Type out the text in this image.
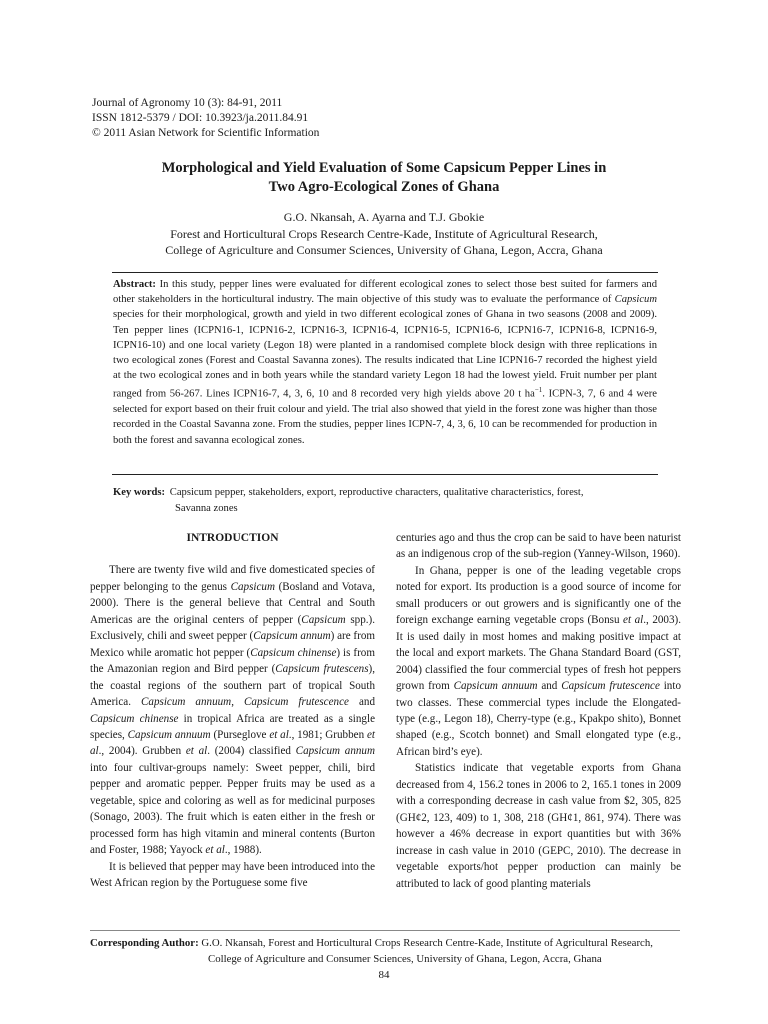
Journal of Agronomy 10 (3): 84-91, 2011
ISSN 1812-5379 / DOI: 10.3923/ja.2011.84.91
© 2011 Asian Network for Scientific Information
Morphological and Yield Evaluation of Some Capsicum Pepper Lines in
Two Agro-Ecological Zones of Ghana
G.O. Nkansah, A. Ayarna and T.J. Gbokie
Forest and Horticultural Crops Research Centre-Kade, Institute of Agricultural Research,
College of Agriculture and Consumer Sciences, University of Ghana, Legon, Accra, Ghana

Abstract: In this study, pepper lines were evaluated for different ecological zones to select those best suited for farmers and other stakeholders in the horticultural industry. The main objective of this study was to evaluate the performance of Capsicum species for their morphological, growth and yield in two different ecological zones of Ghana in two seasons (2008 and 2009). Ten pepper lines (ICPN16-1, ICPN16-2, ICPN16-3, ICPN16-4, ICPN16-5, ICPN16-6, ICPN16-7, ICPN16-8, ICPN16-9, ICPN16-10) and one local variety (Legon 18) were planted in a randomised complete block design with three replications in two ecological zones (Forest and Coastal Savanna zones). The results indicated that Line ICPN16-7 recorded the highest yield at the two ecological zones and in both years while the standard variety Legon 18 had the lowest yield. Fruit number per plant ranged from 56-267. Lines ICPN16-7, 4, 3, 6, 10 and 8 recorded very high yields above 20 t $ha^{-1}$. ICPN-3, 7, 6 and 4 were selected for export based on their fruit colour and yield. The trial also showed that yield in the forest zone was higher than those recorded in the Coastal Savanna zone. From the studies, pepper lines ICPN-7, 4, 3, 6, 10 can be recommended for production in both the forest and savanna ecological zones.

Key words: Capsicum pepper, stakeholders, export, reproductive characters, qualitative characteristics, forest,
Savanna zones
INTRODUCTION

There are twenty five wild and five domesticated species of pepper belonging to the genus Capsicum (Bosland and Votava, 2000). There is the general believe that Central and South Americas are the original centers of pepper (Capsicum spp.). Exclusively, chili and sweet pepper (Capsicum annum) are from Mexico while aromatic hot pepper (Capsicum chinense) is from the Amazonian region and Bird pepper (Capsicum frutescens), the coastal regions of the southern part of tropical South America. Capsicum annuum, Capsicum frutescence and Capsicum chinense in tropical Africa are treated as a single species, Capsicum annuum (Purseglove et al., 1981; Grubben et al., 2004). Grubben et al. (2004) classified Capsicum annum into four cultivar-groups namely: Sweet pepper, chili, bird pepper and aromatic pepper. Pepper fruits may be used as a vegetable, spice and coloring as well as for medicinal purposes (Sonago, 2003). The fruit which is eaten either in the fresh or processed form has high vitamin and mineral contents (Burton and Foster, 1988; Yayock et al., 1988).

It is believed that pepper may have been introduced into the West African region by the Portuguese some five

centuries ago and thus the crop can be said to have been naturist as an indigenous crop of the sub-region (Yanney-Wilson, 1960).

In Ghana, pepper is one of the leading vegetable crops noted for export. Its production is a good source of income for small producers or out growers and is significantly one of the foreign exchange earning vegetable crops (Bonsu et al., 2003). It is used daily in most homes and making positive impact at the local and export markets. The Ghana Standard Board (GST, 2004) classified the four commercial types of fresh hot peppers grown from Capsicum annuum and Capsicum frutescence into two classes. These commercial types include the Elongated-type (e.g., Legon 18), Cherry-type (e.g., Kpakpo shito), Bonnet shaped (e.g., Scotch bonnet) and Small elongated type (e.g., African bird’s eye).

Statistics indicate that vegetable exports from Ghana decreased from 4, 156.2 tones in 2006 to 2, 165.1 tones in 2009 with a corresponding decrease in cash value from $2, 305, 825 (GH¢2, 123, 409) to 1, 308, 218 (GH¢1, 861, 974). There was however a 46% decrease in export quantities but with 36% increase in cash value in 2010 (GEPC, 2010). The decrease in vegetable exports/hot pepper production can mainly be attributed to lack of good planting materials

Corresponding Author: G.O. Nkansah, Forest and Horticultural Crops Research Centre-Kade, Institute of Agricultural Research,
College of Agriculture and Consumer Sciences, University of Ghana, Legon, Accra, Ghana
84
